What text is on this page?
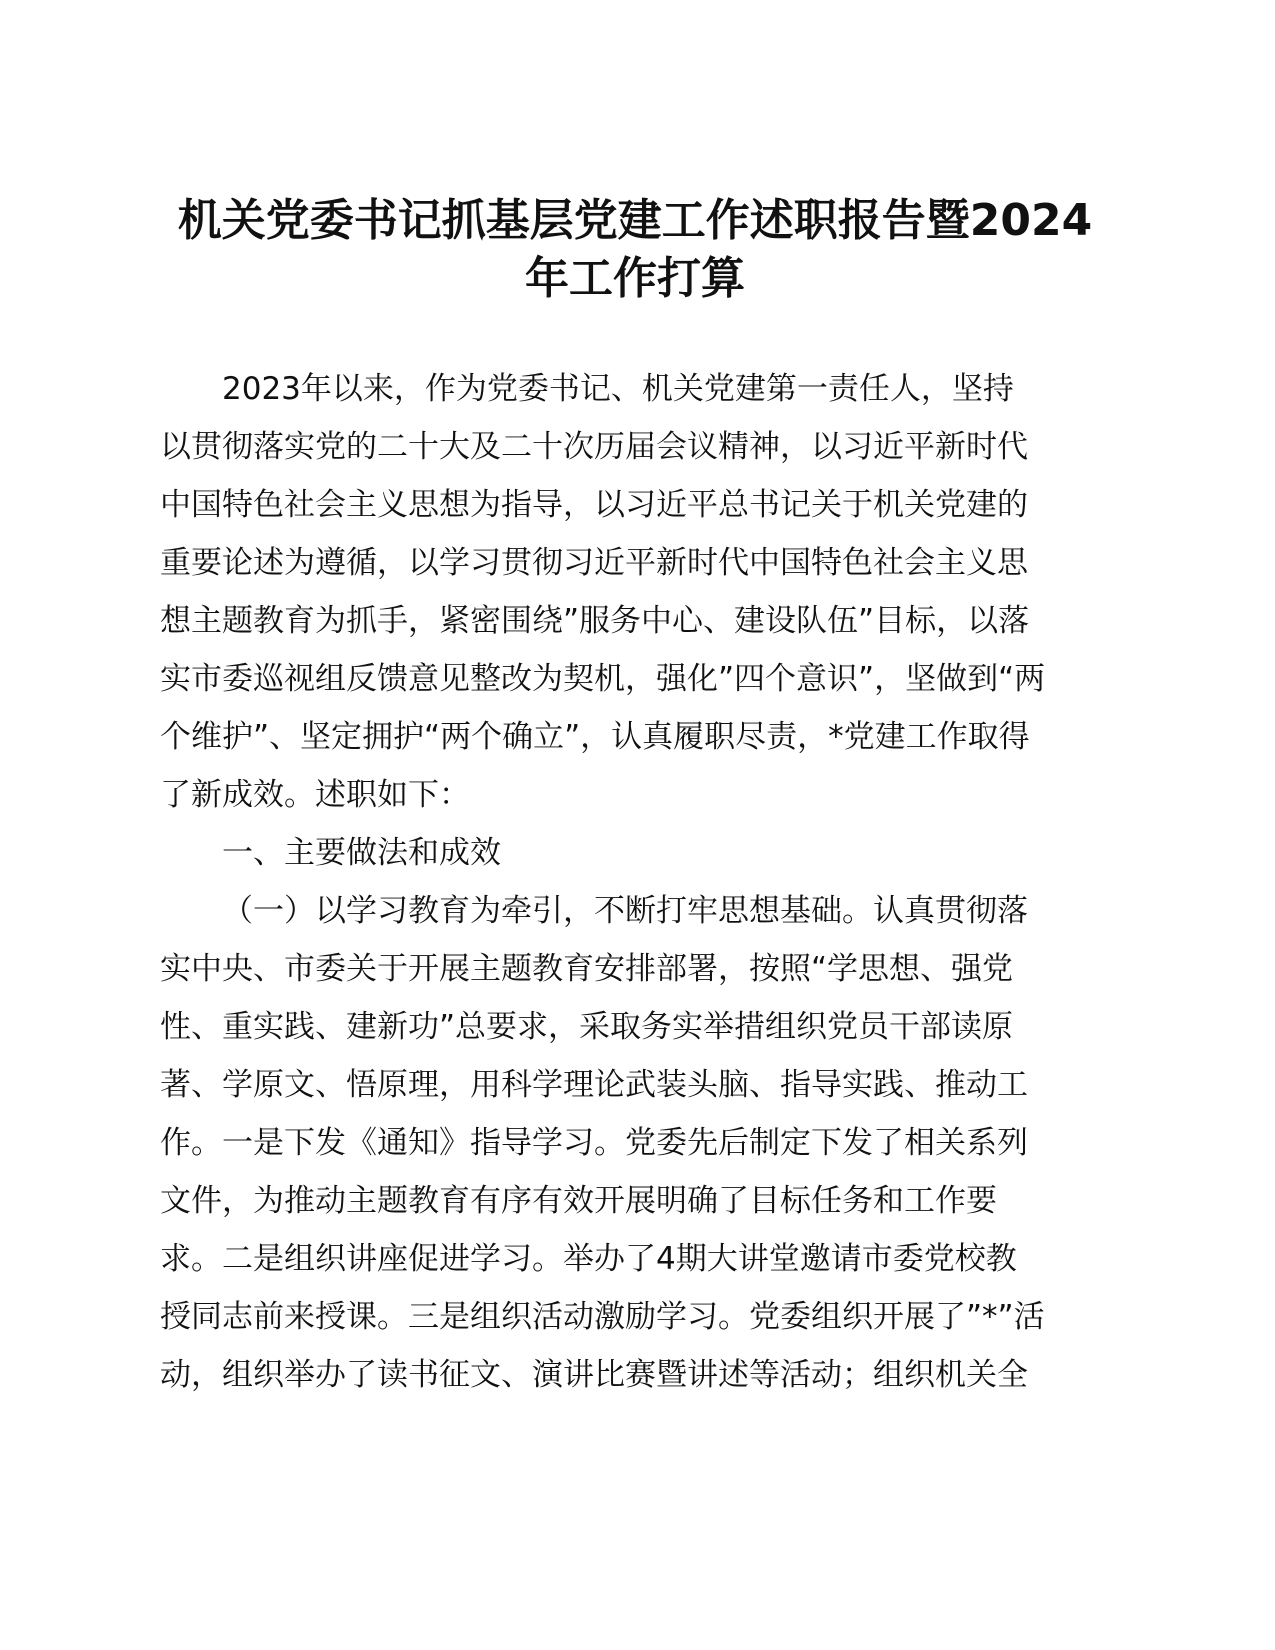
机关党委书记抓基层党建工作述职报告暨2024
年工作打算
2023年以来，作为党委书记、机关党建第一责任人，坚持
以贯彻落实党的二十大及二十次历届会议精神，以习近平新时代
中国特色社会主义思想为指导，以习近平总书记关于机关党建的
重要论述为遵循，以学习贯彻习近平新时代中国特色社会主义思
想主题教育为抓手，紧密围绕”服务中心、建设队伍”目标，以落
实市委巡视组反馈意见整改为契机，强化”四个意识”，坚做到“两
个维护”、坚定拥护“两个确立”，认真履职尽责，*党建工作取得
了新成效。述职如下：
一、主要做法和成效
（一）以学习教育为牵引，不断打牢思想基础。认真贯彻落
实中央、市委关于开展主题教育安排部署，按照“学思想、强党
性、重实践、建新功”总要求，采取务实举措组织党员干部读原
著、学原文、悟原理，用科学理论武装头脑、指导实践、推动工
作。一是下发《通知》指导学习。党委先后制定下发了相关系列
文件，为推动主题教育有序有效开展明确了目标任务和工作要
求。二是组织讲座促进学习。举办了4期大讲堂邀请市委党校教
授同志前来授课。三是组织活动激励学习。党委组织开展了”*”活
动，组织举办了读书征文、演讲比赛暨讲述等活动；组织机关全
